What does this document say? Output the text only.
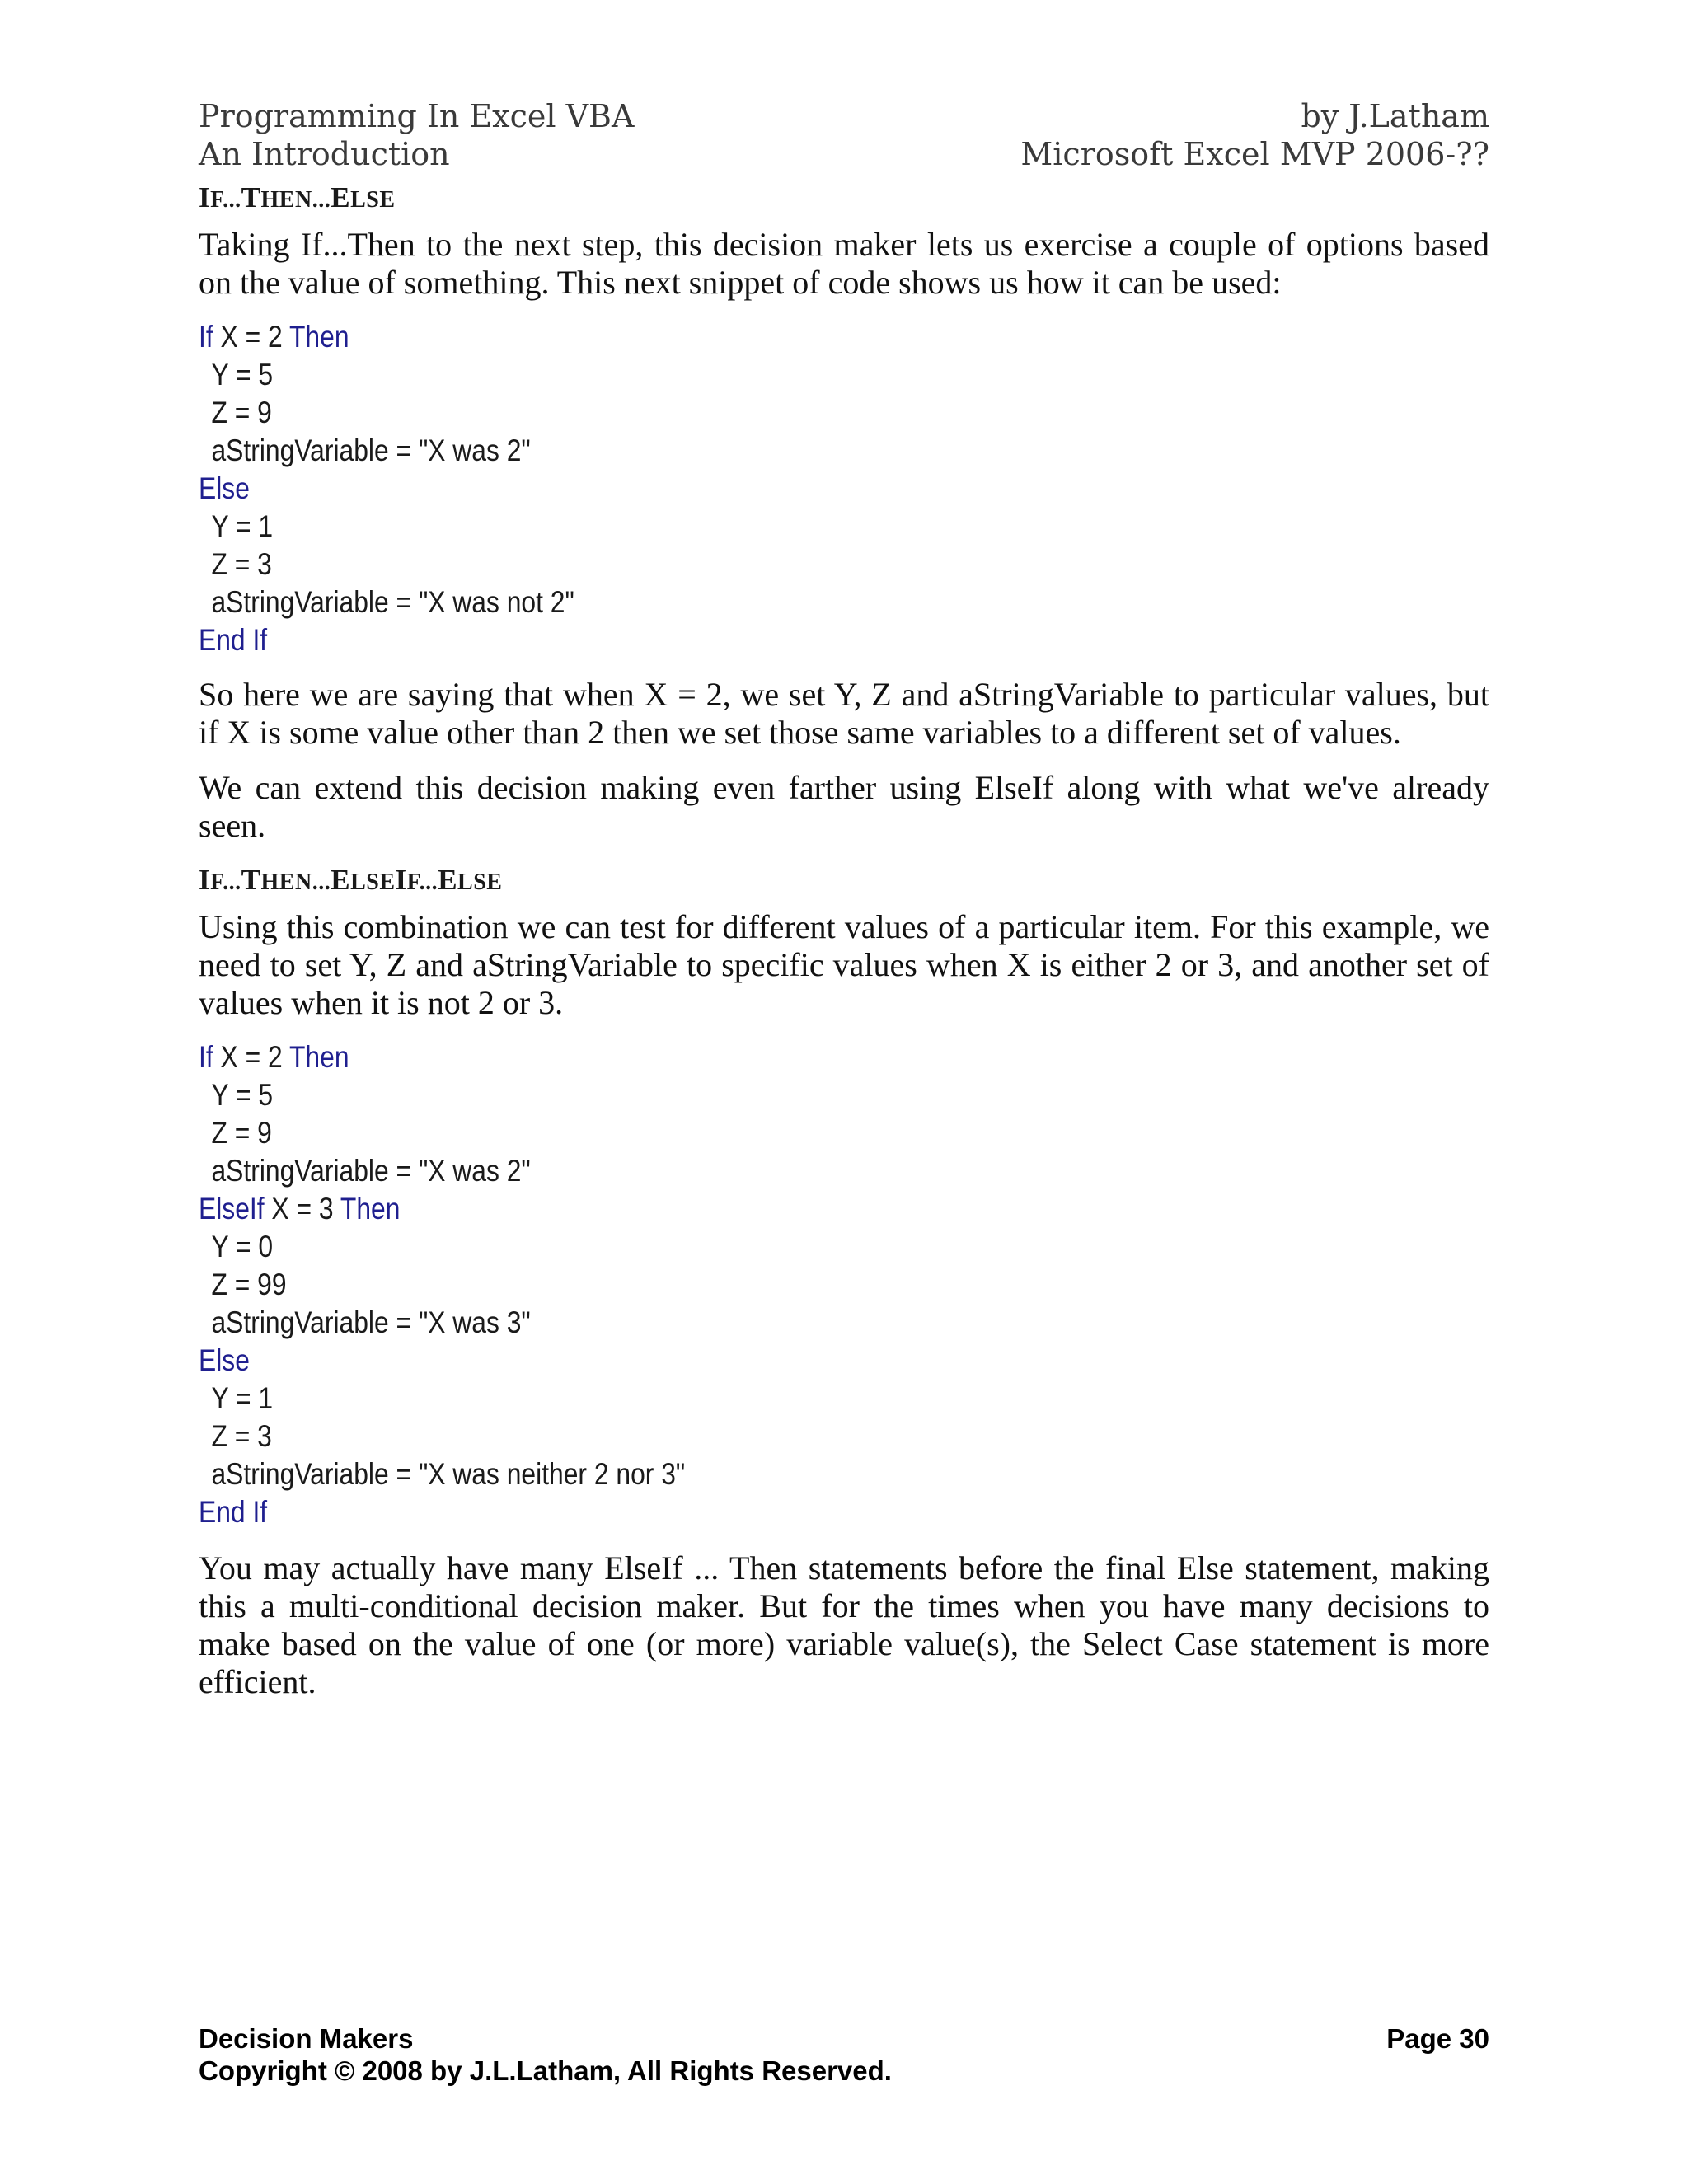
Programming In Excel VBA
An Introduction
by J.Latham
Microsoft Excel MVP 2006-??
IF...THEN...ELSE
Taking If...Then to the next step, this decision maker lets us exercise a couple of options based
on the value of something. This next snippet of code shows us how it can be used:
If X = 2 Then
Y = 5
Z = 9
aStringVariable = "X was 2"
Else
Y = 1
Z = 3
aStringVariable = "X was not 2"
End If
So here we are saying that when X = 2, we set Y, Z and aStringVariable to particular values, but
if X is some value other than 2 then we set those same variables to a different set of values.
We can extend this decision making even farther using ElseIf along with what we've already
seen.
IF...THEN...ELSEIF...ELSE
Using this combination we can test for different values of a particular item. For this example, we
need to set Y, Z and aStringVariable to specific values when X is either 2 or 3, and another set of
values when it is not 2 or 3.
If X = 2 Then
Y = 5
Z = 9
aStringVariable = "X was 2"
ElseIf X = 3 Then
Y = 0
Z = 99
aStringVariable = "X was 3"
Else
Y = 1
Z = 3
aStringVariable = "X was neither 2 nor 3"
End If
You may actually have many ElseIf ... Then statements before the final Else statement, making
this a multi-conditional decision maker. But for the times when you have many decisions to
make based on the value of one (or more) variable value(s), the Select Case statement is more
efficient.
Decision Makers	Page 30
Copyright © 2008 by J.L.Latham, All Rights Reserved.
